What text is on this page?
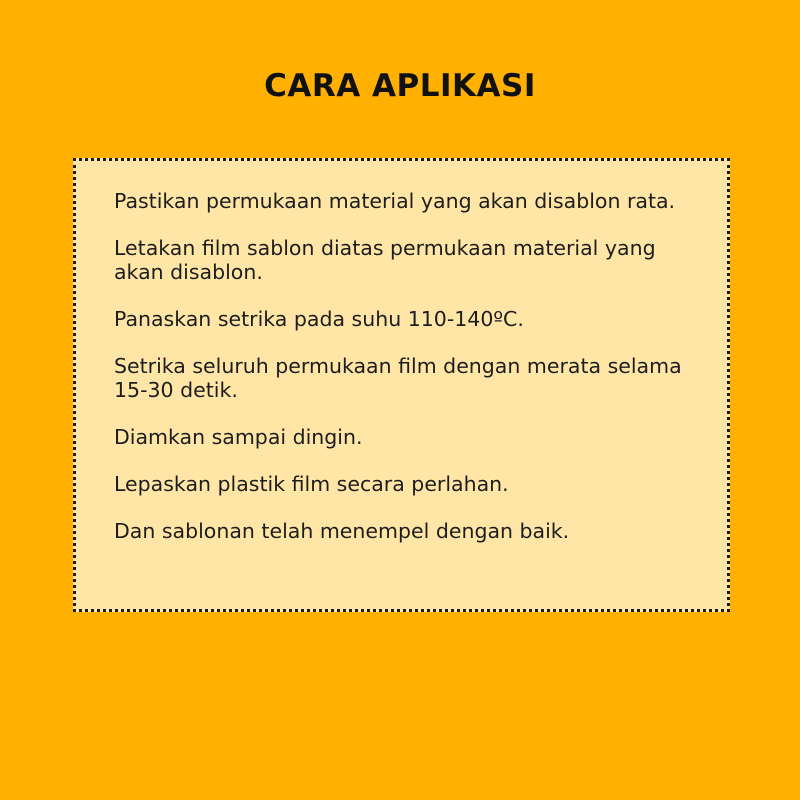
CARA APLIKASI

Pastikan permukaan material yang akan disablon rata.

Letakan film sablon diatas permukaan material yang akan disablon.

Panaskan setrika pada suhu 110-140ºC.

Setrika seluruh permukaan film dengan merata selama 15-30 detik.

Diamkan sampai dingin.

Lepaskan plastik film secara perlahan.

Dan sablonan telah menempel dengan baik.
